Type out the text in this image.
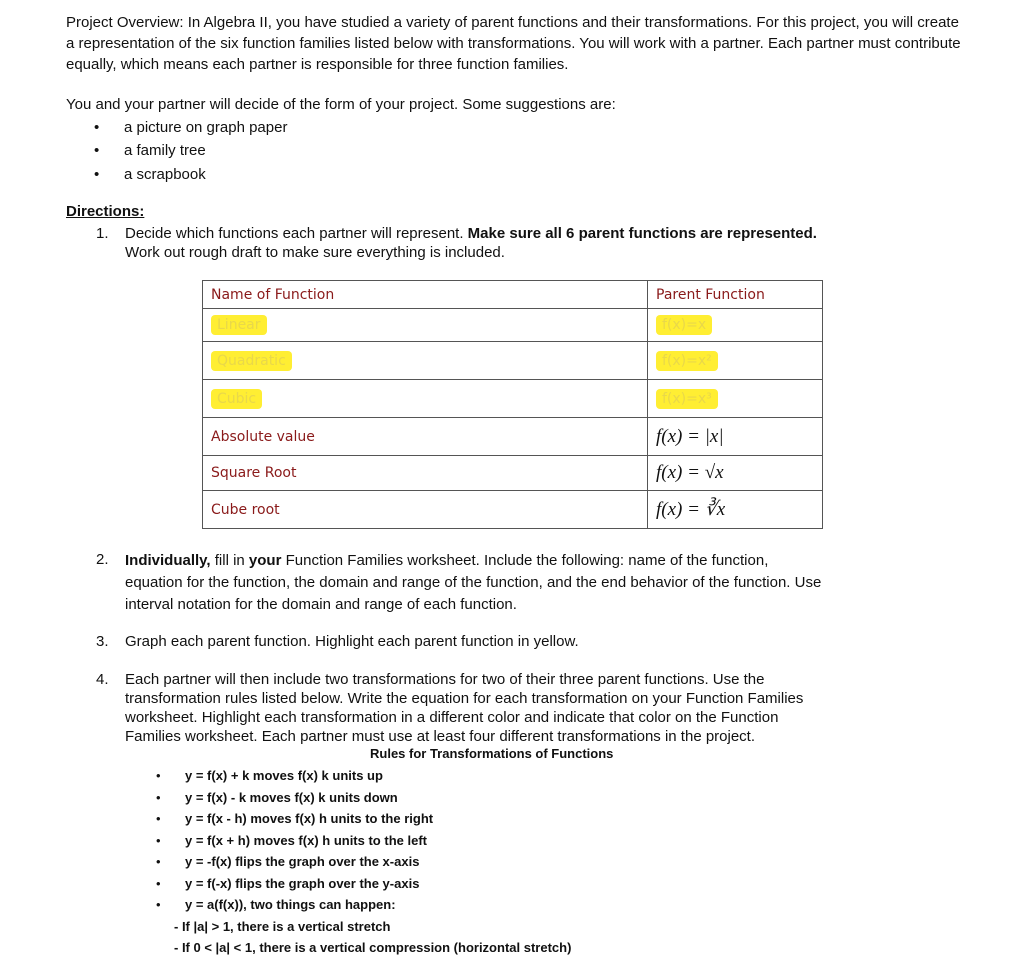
Project Overview: In Algebra II, you have studied a variety of parent functions and their transformations. For this project, you will create a representation of the six function families listed below with transformations. You will work with a partner. Each partner must contribute equally, which means each partner is responsible for three function families.
You and your partner will decide of the form of your project. Some suggestions are:
• a picture on graph paper
• a family tree
• a scrapbook
Directions:
1. Decide which functions each partner will represent. Make sure all 6 parent functions are represented.
Work out rough draft to make sure everything is included.
Name of Function	Parent Function
Linear	f(x)=x
Quadratic	f(x)=x²
Cubic	f(x)=x³
Absolute value	f(x) = |x|
Square Root	f(x) = √x
Cube root	f(x) = ∛x
2. Individually, fill in your Function Families worksheet. Include the following: name of the function,
equation for the function, the domain and range of the function, and the end behavior of the function. Use
interval notation for the domain and range of each function.
3. Graph each parent function. Highlight each parent function in yellow.
4. Each partner will then include two transformations for two of their three parent functions. Use the
transformation rules listed below. Write the equation for each transformation on your Function Families
worksheet. Highlight each transformation in a different color and indicate that color on the Function
Families worksheet. Each partner must use at least four different transformations in the project.
Rules for Transformations of Functions
• y = f(x) + k moves f(x) k units up
• y = f(x) - k moves f(x) k units down
• y = f(x - h) moves f(x) h units to the right
• y = f(x + h) moves f(x) h units to the left
• y = -f(x) flips the graph over the x-axis
• y = f(-x) flips the graph over the y-axis
• y = a(f(x)), two things can happen:
- If |a| > 1, there is a vertical stretch
- If 0 < |a| < 1, there is a vertical compression (horizontal stretch)
